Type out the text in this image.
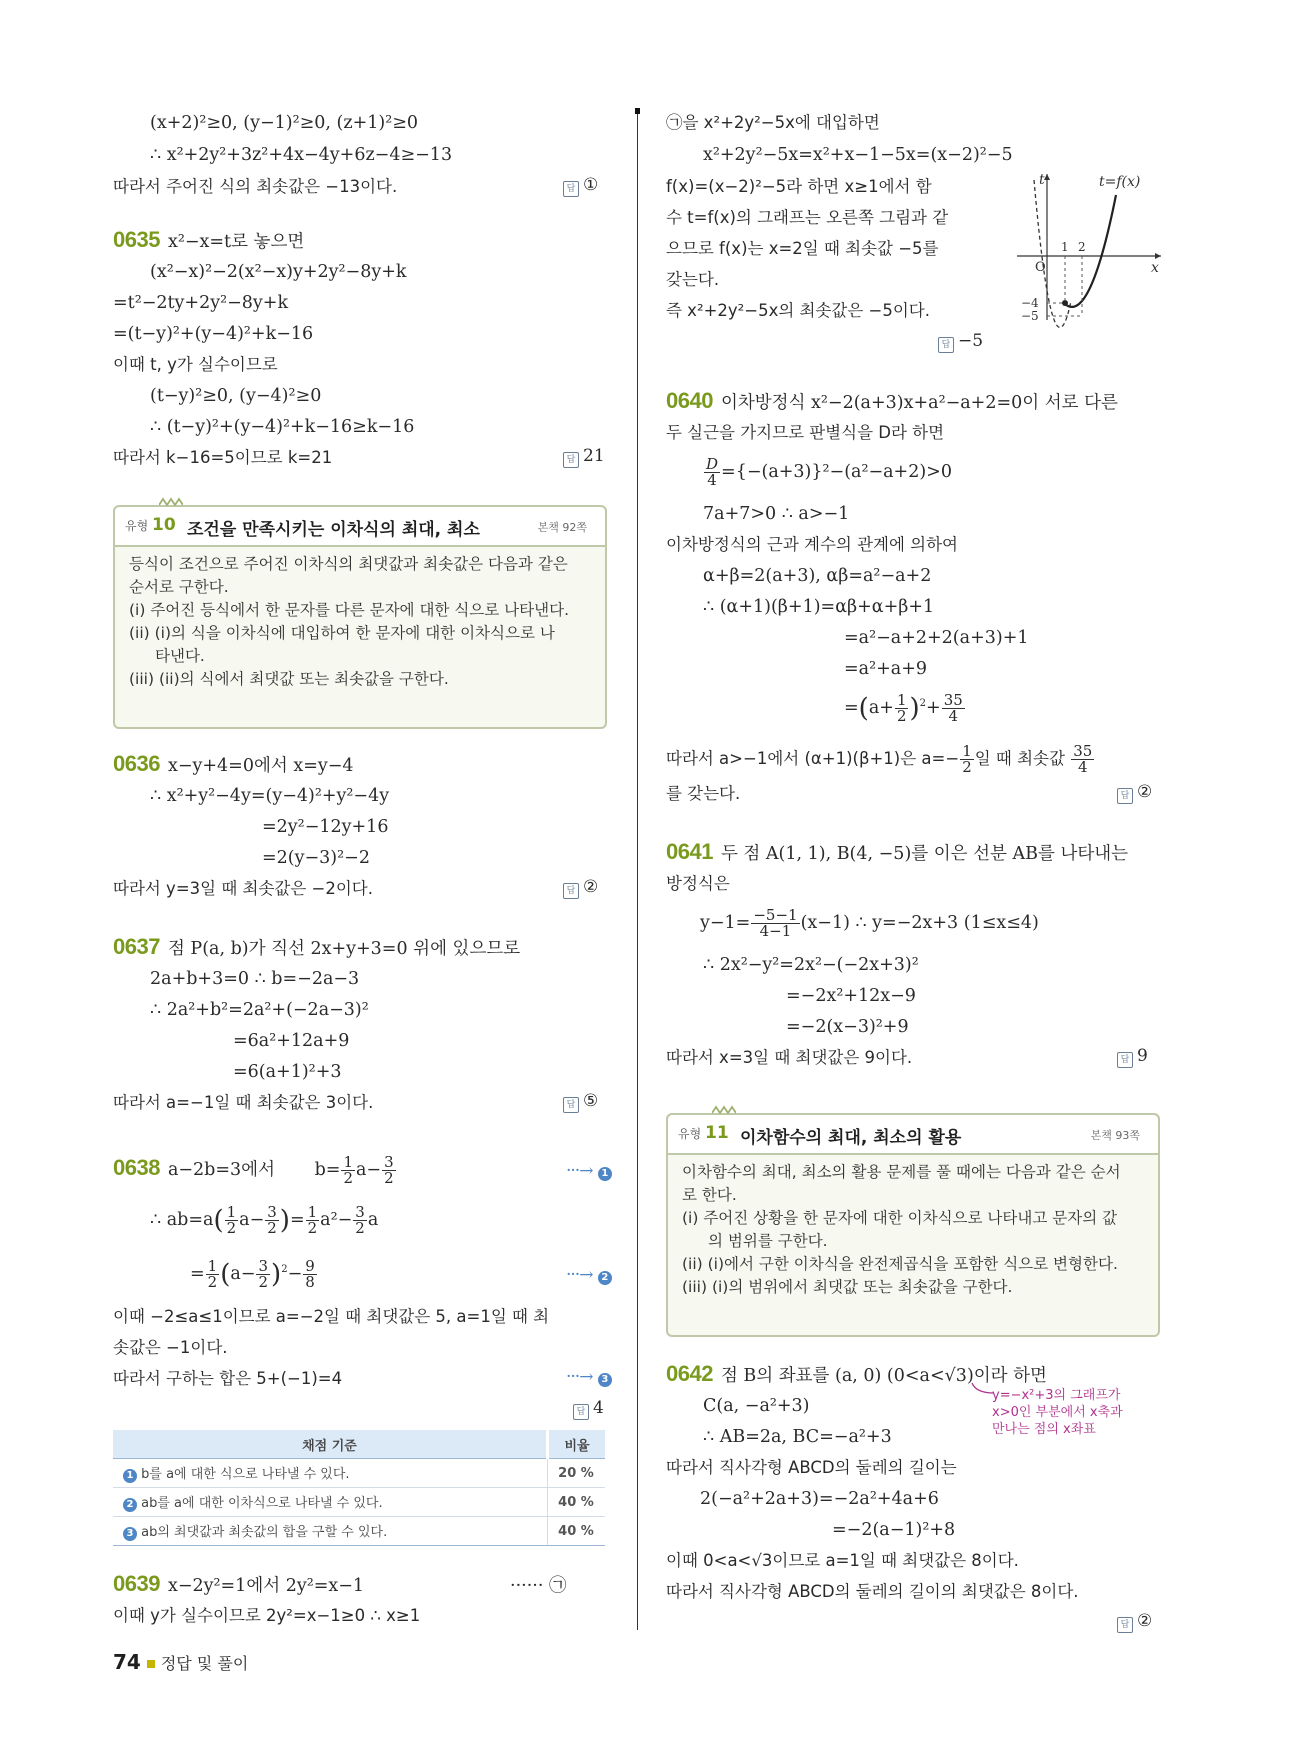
(x+2)²≥0, (y−1)²≥0, (z+1)²≥0
∴ x²+2y²+3z²+4x−4y+6z−4≥−13
따라서 주어진 식의 최솟값은 −13이다.	답 ①
0635 x²−x=t로 놓으면
(x²−x)²−2(x²−x)y+2y²−8y+k
=t²−2ty+2y²−8y+k
=(t−y)²+(y−4)²+k−16
이때 t, y가 실수이므로
(t−y)²≥0, (y−4)²≥0
∴ (t−y)²+(y−4)²+k−16≥k−16
따라서 k−16=5이므로 k=21	답 21
유형 10 조건을 만족시키는 이차식의 최대, 최소	본책 92쪽
등식이 조건으로 주어진 이차식의 최댓값과 최솟값은 다음과 같은
순서로 구한다.
(i) 주어진 등식에서 한 문자를 다른 문자에 대한 식으로 나타낸다.
(ii) (i)의 식을 이차식에 대입하여 한 문자에 대한 이차식으로 나
타낸다.
(iii) (ii)의 식에서 최댓값 또는 최솟값을 구한다.
0636 x−y+4=0에서 x=y−4
∴ x²+y²−4y=(y−4)²+y²−4y
=2y²−12y+16
=2(y−3)²−2
따라서 y=3일 때 최솟값은 −2이다.	답 ②
0637 점 P(a, b)가 직선 2x+y+3=0 위에 있으므로
2a+b+3=0 ∴ b=−2a−3
∴ 2a²+b²=2a²+(−2a−3)²
=6a²+12a+9
=6(a+1)²+3
따라서 a=−1일 때 최솟값은 3이다.	답 ⑤
0638 a−2b=3에서 $b= \frac{1}{2} a- \frac{3}{2}$	···→ 1
∴ $ab=a( \frac{1}{2} a- \frac{3}{2}$ )= $\frac{1}{2} a^2- \frac{3}{2}$ a
= $\frac{1}{2} (a- \frac{3}{2} )^2- \frac{9}{8}$	···→ 2
이때 −2≤a≤1이므로 a=−2일 때 최댓값은 5, a=1일 때 최
솟값은 −1이다.
따라서 구하는 합은 5+(−1)=4	···→ 3
답 4
채점 기준	비율
1 b를 a에 대한 식으로 나타낼 수 있다.	20 %
2 ab를 a에 대한 이차식으로 나타낼 수 있다.	40 %
3 ab의 최댓값과 최솟값의 합을 구할 수 있다.	40 %
0639 x−2y²=1에서 2y²=x−1	······ ㉠
이때 y가 실수이므로 2y²=x−1≥0 ∴ x≥1
74 정답 및 풀이
㉠을 x²+2y²−5x에 대입하면
x²+2y²−5x=x²+x−1−5x=(x−2)²−5
f(x)=(x−2)²−5라 하면 x≥1에서 함
수 t=f(x)의 그래프는 오른쪽 그림과 같
으므로 f(x)는 x=2일 때 최솟값 −5를
갖는다.
즉 x²+2y²−5x의 최솟값은 −5이다.
답 −5
t=f(x)
t
x
O
1 2
−4
−5
0640 이차방정식 x²−2(a+3)x+a²−a+2=0이 서로 다른
두 실근을 가지므로 판별식을 D라 하면
$\frac{D}{4} =\{-(a+3)\}^2-(a^2-a+2)>0$
7a+7>0 ∴ a>−1
이차방정식의 근과 계수의 관계에 의하여
α+β=2(a+3), αβ=a²−a+2
∴ (α+1)(β+1)=αβ+α+β+1
=a²−a+2+2(a+3)+1
=a²+a+9
$=(a+ \frac{1}{2} )^2+ \frac{35}{4}$
따라서 a>−1에서 (α+1)(β+1)은 $a=- \frac{1}{2}$ 일 때 최솟값 $\frac{35}{4}$
를 갖는다.	답 ②
0641 두 점 A(1, 1), B(4, −5)를 이은 선분 AB를 나타내는
방정식은
$y-1= \frac{-5-1}{4-1} (x-1)$ ∴ y=−2x+3 (1≤x≤4)
∴ 2x²−y²=2x²−(−2x+3)²
=−2x²+12x−9
=−2(x−3)²+9
따라서 x=3일 때 최댓값은 9이다.	답 9
유형 11 이차함수의 최대, 최소의 활용	본책 93쪽
이차함수의 최대, 최소의 활용 문제를 풀 때에는 다음과 같은 순서
로 한다.
(i) 주어진 상황을 한 문자에 대한 이차식으로 나타내고 문자의 값
의 범위를 구한다.
(ii) (i)에서 구한 이차식을 완전제곱식을 포함한 식으로 변형한다.
(iii) (i)의 범위에서 최댓값 또는 최솟값을 구한다.
0642 점 B의 좌표를 (a, 0) (0<a<√3)이라 하면
C(a, −a²+3)
∴ AB=2a, BC=−a²+3
y=−x²+3의 그래프가
x>0인 부분에서 x축과
만나는 점의 x좌표
따라서 직사각형 ABCD의 둘레의 길이는
2(−a²+2a+3)=−2a²+4a+6
=−2(a−1)²+8
이때 0<a<√3이므로 a=1일 때 최댓값은 8이다.
따라서 직사각형 ABCD의 둘레의 길이의 최댓값은 8이다.
답 ②
